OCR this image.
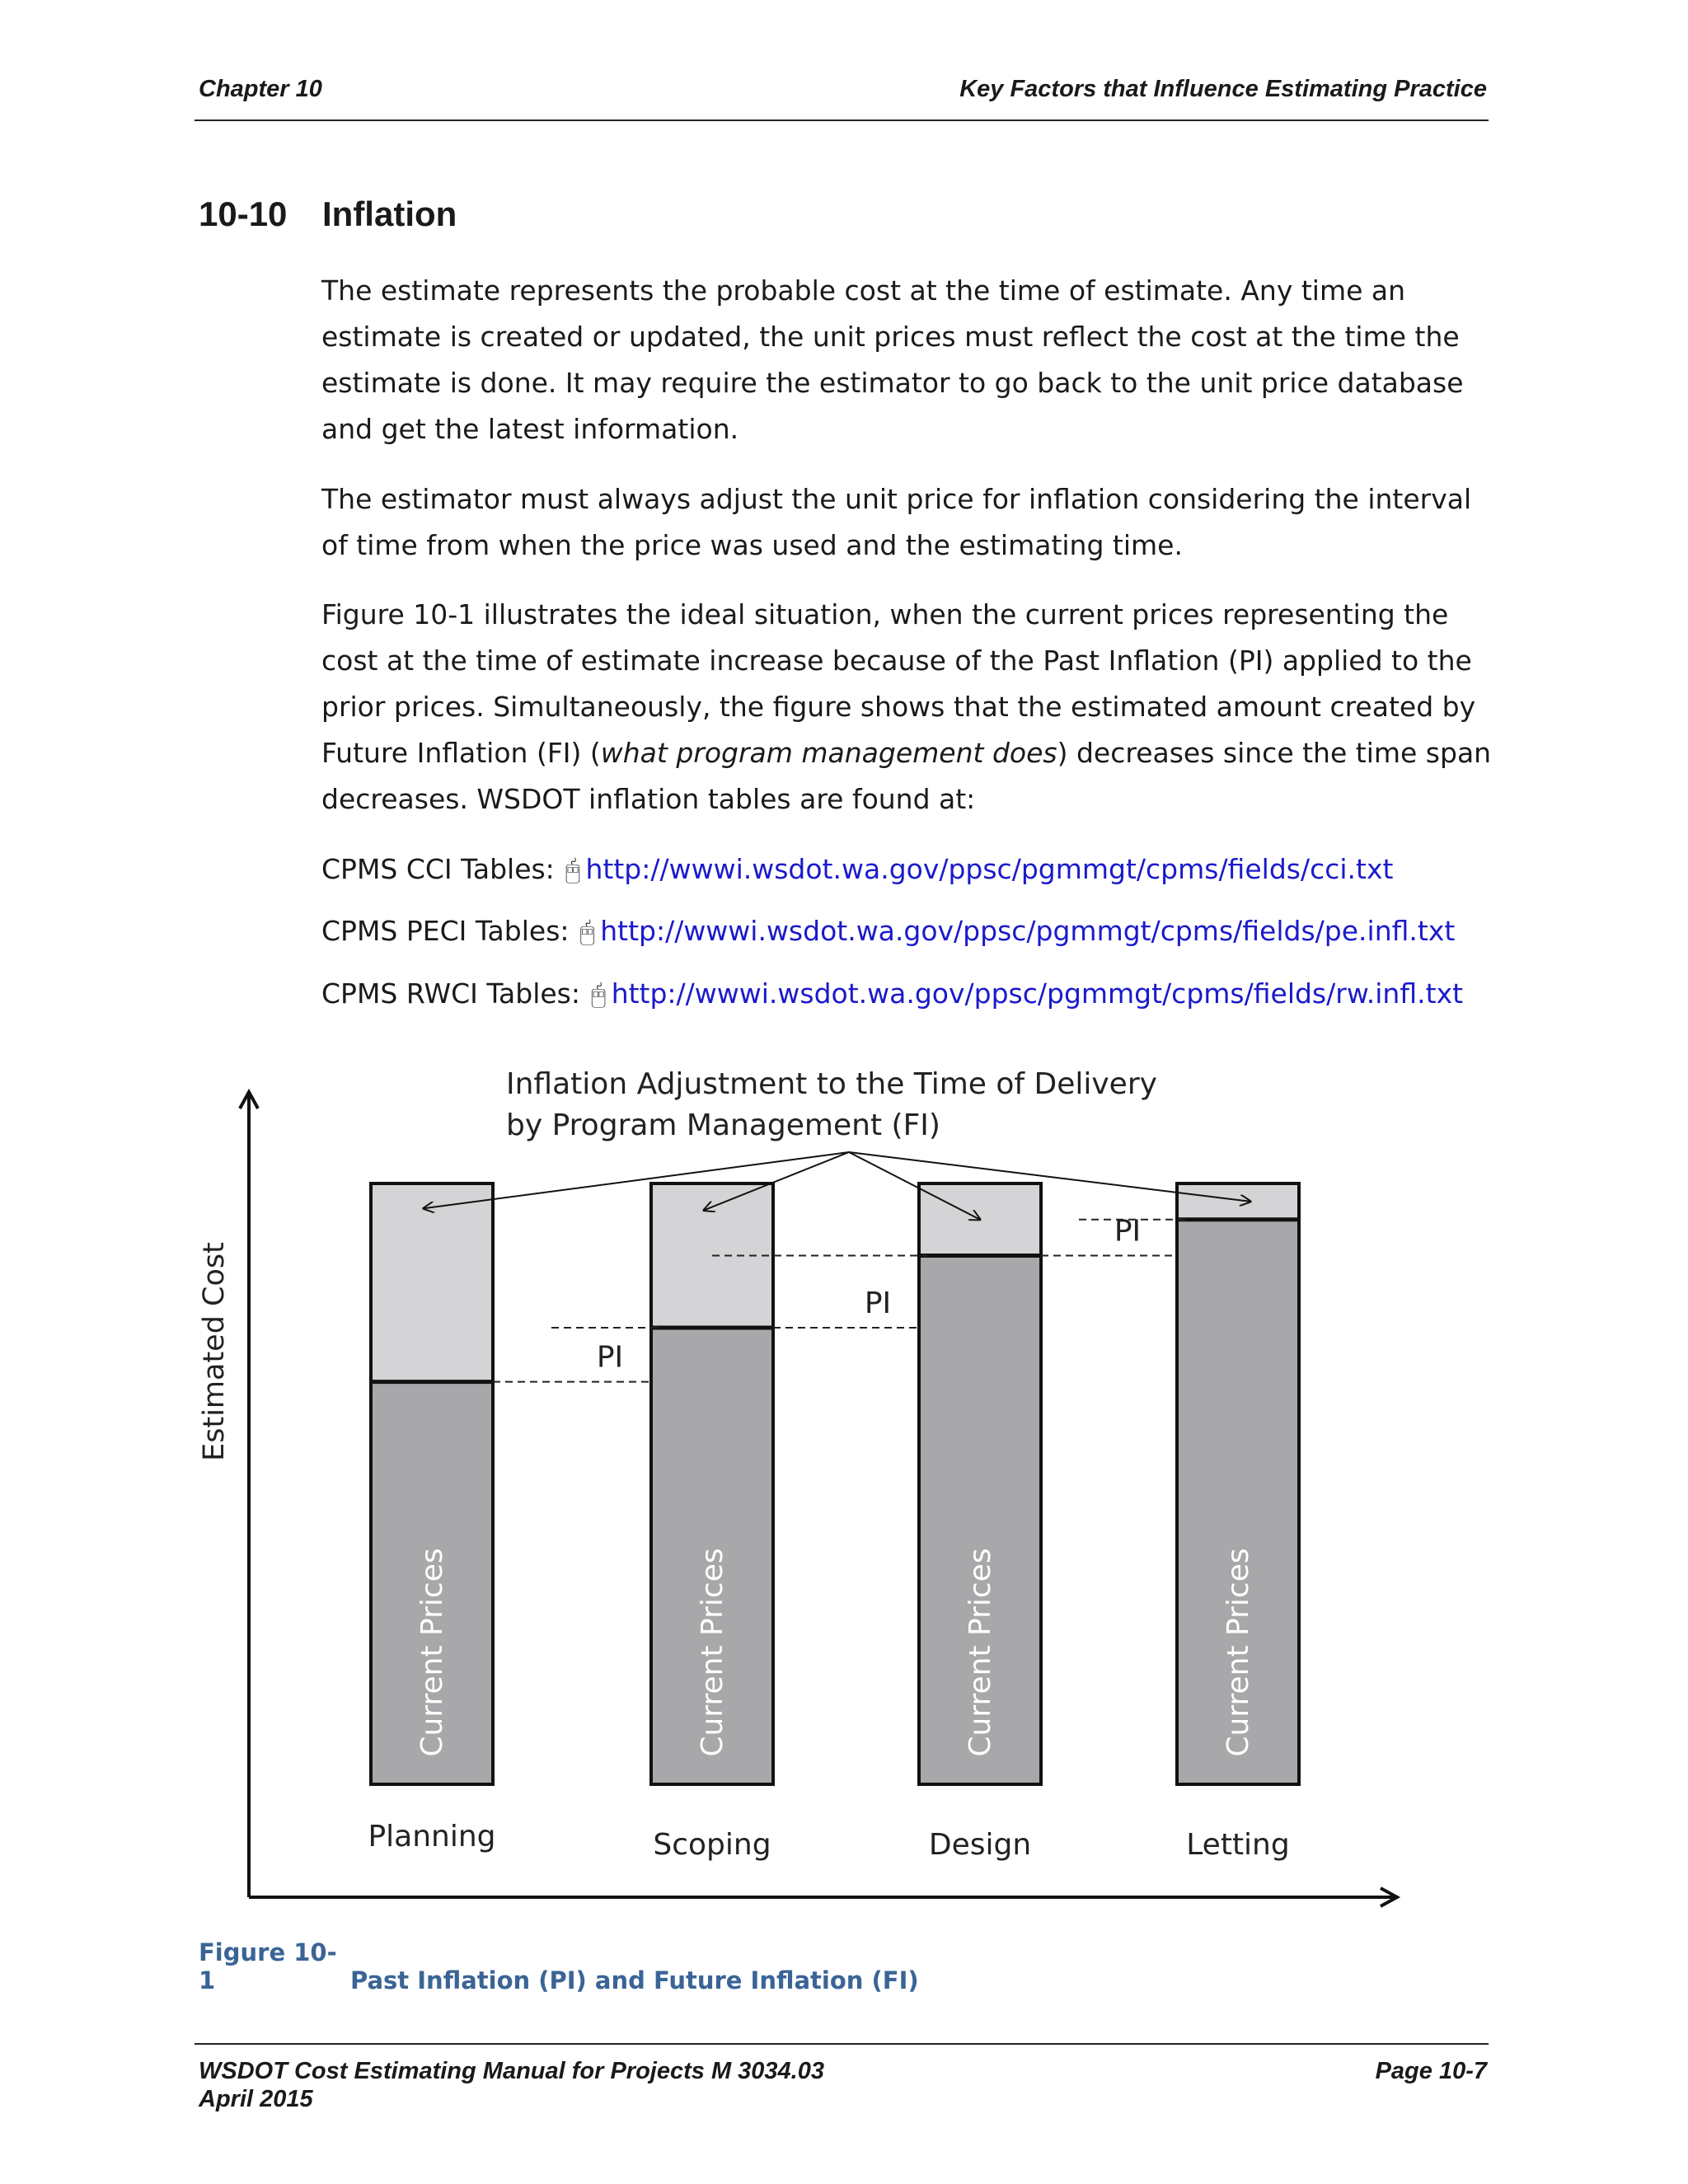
Chapter 10	Key Factors that Influence Estimating Practice
10-10 Inflation
The estimate represents the probable cost at the time of estimate. Any time an estimate is created or updated, the unit prices must reflect the cost at the time the estimate is done. It may require the estimator to go back to the unit price database and get the latest information.
The estimator must always adjust the unit price for inflation considering the interval of time from when the price was used and the estimating time.
Figure 10-1 illustrates the ideal situation, when the current prices representing the cost at the time of estimate increase because of the Past Inflation (PI) applied to the prior prices. Simultaneously, the figure shows that the estimated amount created by Future Inflation (FI) (what program management does) decreases since the time span decreases. WSDOT inflation tables are found at:
CPMS CCI Tables: 🖰 http://wwwi.wsdot.wa.gov/ppsc/pgmmgt/cpms/fields/cci.txt
CPMS PECI Tables: 🖰 http://wwwi.wsdot.wa.gov/ppsc/pgmmgt/cpms/fields/pe.infl.txt
CPMS RWCI Tables: 🖰 http://wwwi.wsdot.wa.gov/ppsc/pgmmgt/cpms/fields/rw.infl.txt
Estimated Cost
Inflation Adjustment to the Time of Delivery
by Program Management (FI)
Current Prices
Planning
Current Prices
Scoping
Current Prices
Design
Current Prices
Letting
PI
PI
PI
Figure 10-1	Past Inflation (PI) and Future Inflation (FI)
WSDOT Cost Estimating Manual for Projects M 3034.03
April 2015
Page 10-7
